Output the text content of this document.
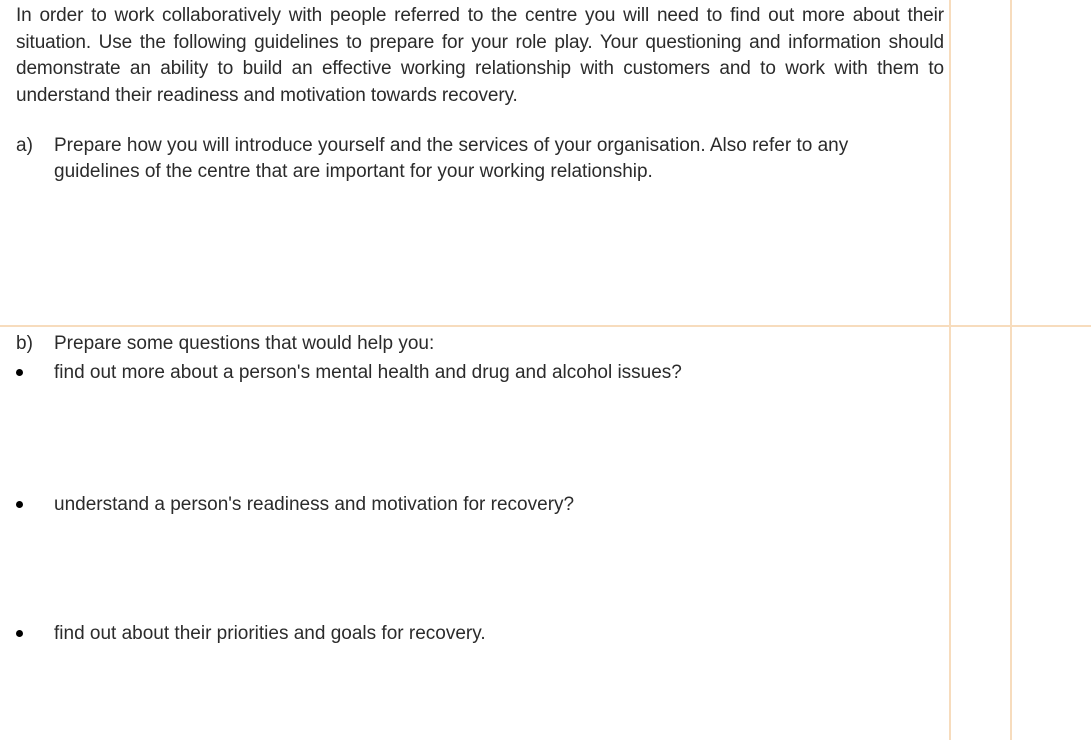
In order to work collaboratively with people referred to the centre you will need to find out more about their situation. Use the following guidelines to prepare for your role play. Your questioning and information should demonstrate an ability to build an effective working relationship with customers and to work with them to understand their readiness and motivation towards recovery.

a) Prepare how you will introduce yourself and the services of your organisation. Also refer to any guidelines of the centre that are important for your working relationship.
b) Prepare some questions that would help you:
find out more about a person's mental health and drug and alcohol issues?
understand a person's readiness and motivation for recovery?
find out about their priorities and goals for recovery.
